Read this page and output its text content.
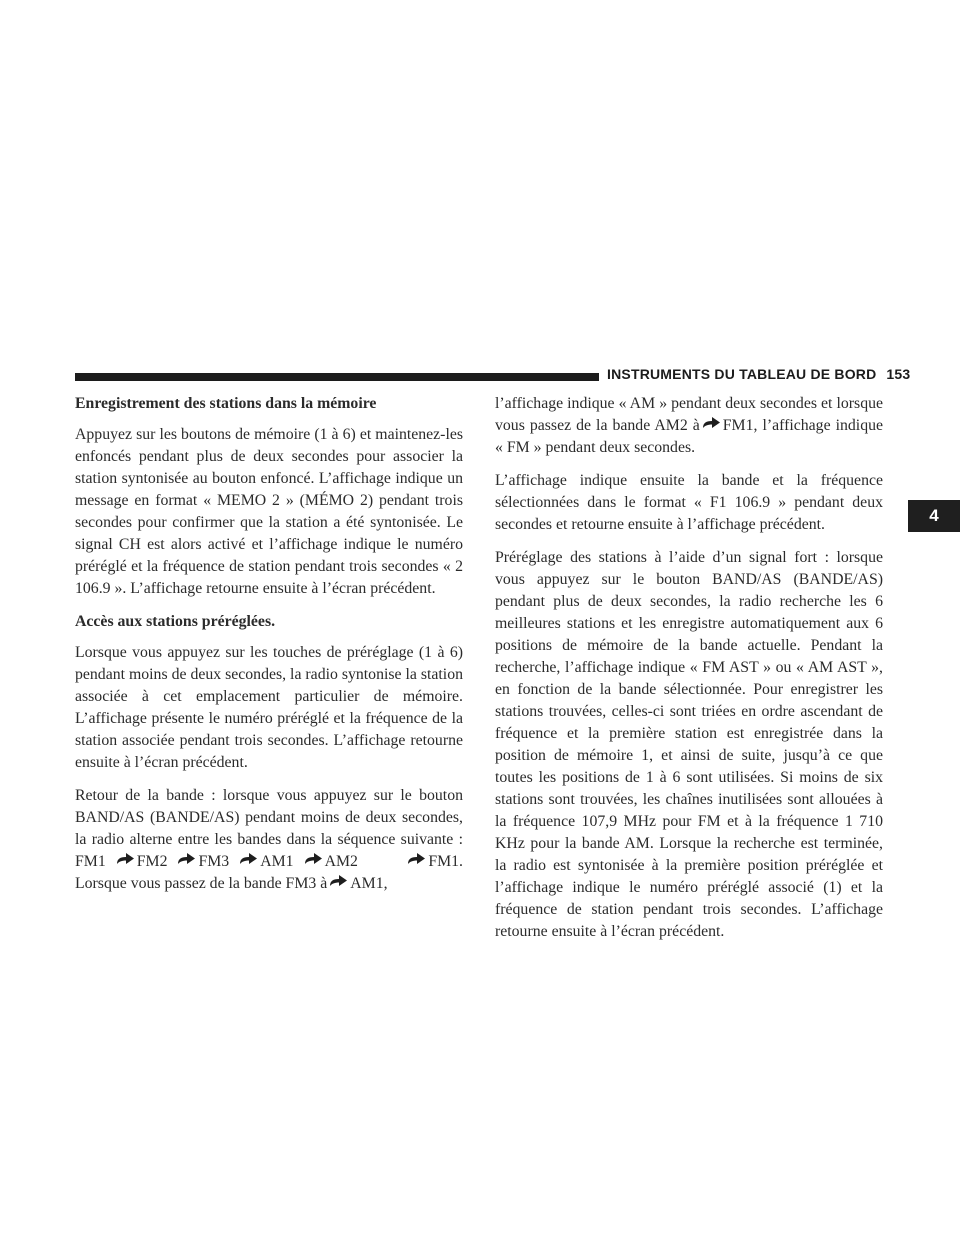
INSTRUMENTS DU TABLEAU DE BORD 153
4

Enregistrement des stations dans la mémoire

Appuyez sur les boutons de mémoire (1 à 6) et maintenez-les enfoncés pendant plus de deux secondes pour associer la station syntonisée au bouton enfoncé. L’affichage indique un message en format « MEMO 2 » (MÉMO 2) pendant trois secondes pour confirmer que la station a été syntonisée. Le signal CH est alors activé et l’affichage indique le numéro préréglé et la fréquence de station pendant trois secondes « 2 106.9 ». L’affichage retourne ensuite à l’écran précédent.

Accès aux stations préréglées.

Lorsque vous appuyez sur les touches de préréglage (1 à 6) pendant moins de deux secondes, la radio syntonise la station associée à cet emplacement particulier de mémoire. L’affichage présente le numéro préréglé et la fréquence de la station associée pendant trois secondes. L’affichage retourne ensuite à l’écran précédent.

Retour de la bande : lorsque vous appuyez sur le bouton BAND/AS (BANDE/AS) pendant moins de deux secondes, la radio alterne entre les bandes dans la séquence suivante : FM1 FM2 FM3 AM1 AM2	FM1. Lorsque vous passez de la bande FM3 à AM1,

l’affichage indique « AM » pendant deux secondes et lorsque vous passez de la bande AM2 à FM1, l’affichage indique « FM » pendant deux secondes.

L’affichage indique ensuite la bande et la fréquence sélectionnées dans le format « F1 106.9 » pendant deux secondes et retourne ensuite à l’affichage précédent.

Préréglage des stations à l’aide d’un signal fort : lorsque vous appuyez sur le bouton BAND/AS (BANDE/AS) pendant plus de deux secondes, la radio recherche les 6 meilleures stations et les enregistre automatiquement aux 6 positions de mémoire de la bande actuelle. Pendant la recherche, l’affichage indique « FM AST » ou « AM AST », en fonction de la bande sélectionnée. Pour enregistrer les stations trouvées, celles-ci sont triées en ordre ascendant de fréquence et la première station est enregistrée dans la position de mémoire 1, et ainsi de suite, jusqu’à ce que toutes les positions de 1 à 6 sont utilisées. Si moins de six stations sont trouvées, les chaînes inutilisées sont allouées à la fréquence 107,9 MHz pour FM et à la fréquence 1 710 KHz pour la bande AM. Lorsque la recherche est terminée, la radio est syntonisée à la première position préréglée et l’affichage indique le numéro préréglé associé (1) et la fréquence de station pendant trois secondes. L’affichage retourne ensuite à l’écran précédent.
